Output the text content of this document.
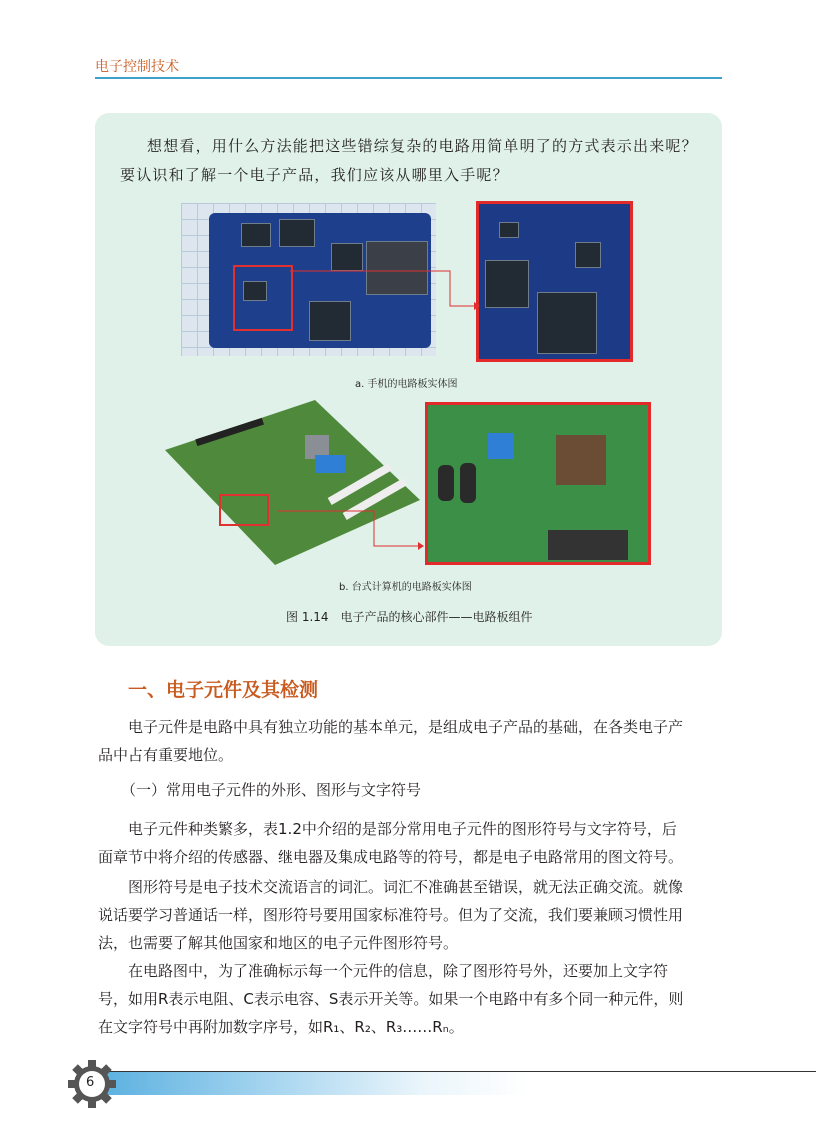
电子控制技术
想想看，用什么方法能把这些错综复杂的电路用简单明了的方式表示出来呢？
要认识和了解一个电子产品，我们应该从哪里入手呢？
a. 手机的电路板实体图
b. 台式计算机的电路板实体图
图 1.14　电子产品的核心部件——电路板组件
一、电子元件及其检测
电子元件是电路中具有独立功能的基本单元，是组成电子产品的基础，在各类电子产
品中占有重要地位。
（一）常用电子元件的外形、图形与文字符号
电子元件种类繁多，表1.2中介绍的是部分常用电子元件的图形符号与文字符号，后
面章节中将介绍的传感器、继电器及集成电路等的符号，都是电子电路常用的图文符号。
图形符号是电子技术交流语言的词汇。词汇不准确甚至错误，就无法正确交流。就像
说话要学习普通话一样，图形符号要用国家标准符号。但为了交流，我们要兼顾习惯性用
法，也需要了解其他国家和地区的电子元件图形符号。
在电路图中，为了准确标示每一个元件的信息，除了图形符号外，还要加上文字符
号，如用R表示电阻、C表示电容、S表示开关等。如果一个电路中有多个同一种元件，则
在文字符号中再附加数字序号，如R₁、R₂、R₃……Rₙ。
6
